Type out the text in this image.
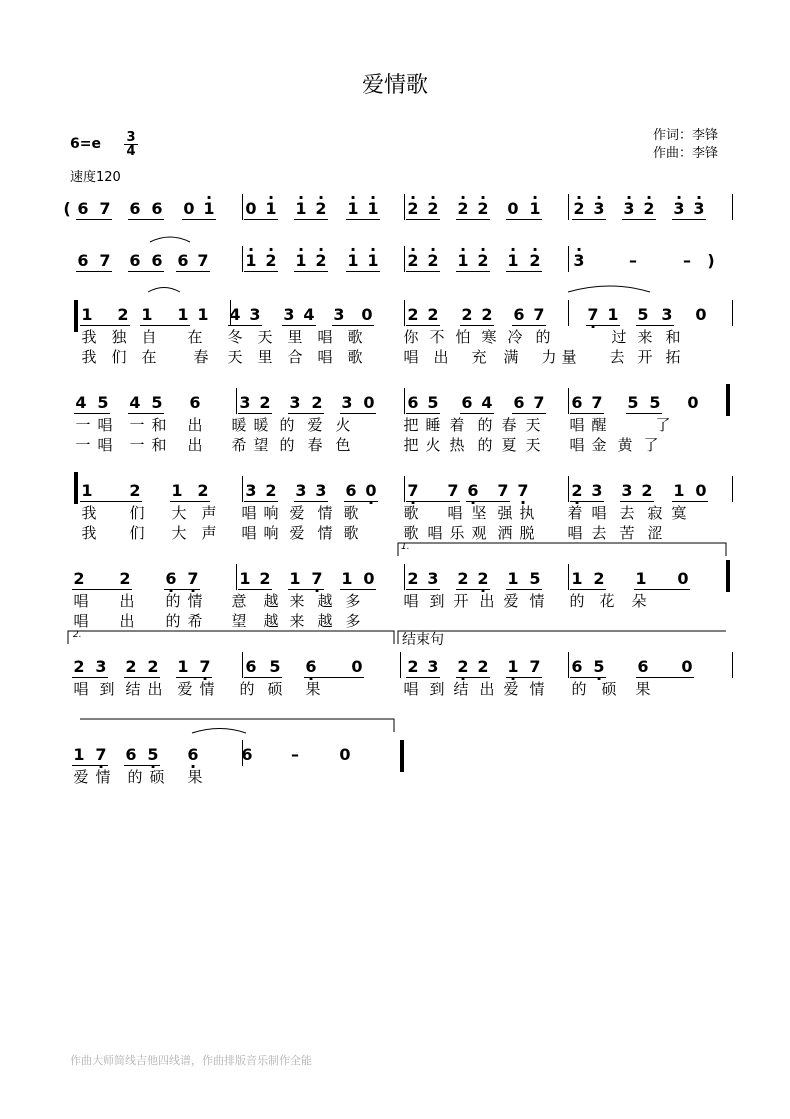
爱情歌
作词：李锋
作曲：李锋
6=e 3
4
速度120
( 6 7 6 6 0 · 1 0 · 1 · 1 · 2 · 1 · 1 · 2 · 2 · 2 · 2 0 · 1 · 2 · 3 · 3 · 2 · 3 · 3
6 7 6 6 6 7 · 1 · 2 · 1 · 2 · 1 · 1 · 2 · 2 · 1 · 2 · 1 · 2 · 3	–	– )
1 2 1 1 1 4 3 3 4 3 0 2 2 2 2 6 7	7 · 1 5 3 0
4 5 4 5 6 3 2 3 2 3 0 6 5 6 4 6 7 6 7 5 5 0
1 2 1 2 3 2 3 3 6 0 · 7 · 7 6 · 7 7 ·	2 · 3 3 2 1 0
2 2 6 · 7 ·	1 2 1 7 · 1 0 2 3 2 2 · 1 5 1 2 1 0
2 3 2 2 1 7 · 6 5 6 · 0	2 3 2 · 2 1 · 7 6 5 · 6 0
1 7 · 6 5 · 6 ·	6 –	0
我 独 自 在 冬 天 里 唱 歌	你 不 怕 寒 冷 的	过 来 和
我 们 在 春 天 里 合 唱 歌	唱 出 充 满 力 量 去 开 拓
一 唱 一 和 出 暖 暖 的 爱 火	把 睡 着 的 春 天 唱 醒	了
一 唱 一 和 出 希 望 的 春 色	把 火 热 的 夏 天 唱 金 黄 了
我 们 大 声 唱 响 爱 情 歌	歌 唱 坚 强 执 着 唱 去 寂 寞
我 们 大 声 唱 响 爱 情 歌	歌 唱 乐 观 洒 脱 唱 去 苦 涩
唱 出 的 情 意 越 来 越 多	唱 到 开 出 爱 情 的 花 朵
唱 出 的 希 望 越 来 越 多
唱 到 结 出 爱 情 的 硕 果	唱 到 结 出 爱 情 的 硕 果
爱 情 的 硕 果
1.
2.	结束句
作曲大师简线吉他四线谱，作曲排版音乐制作全能
